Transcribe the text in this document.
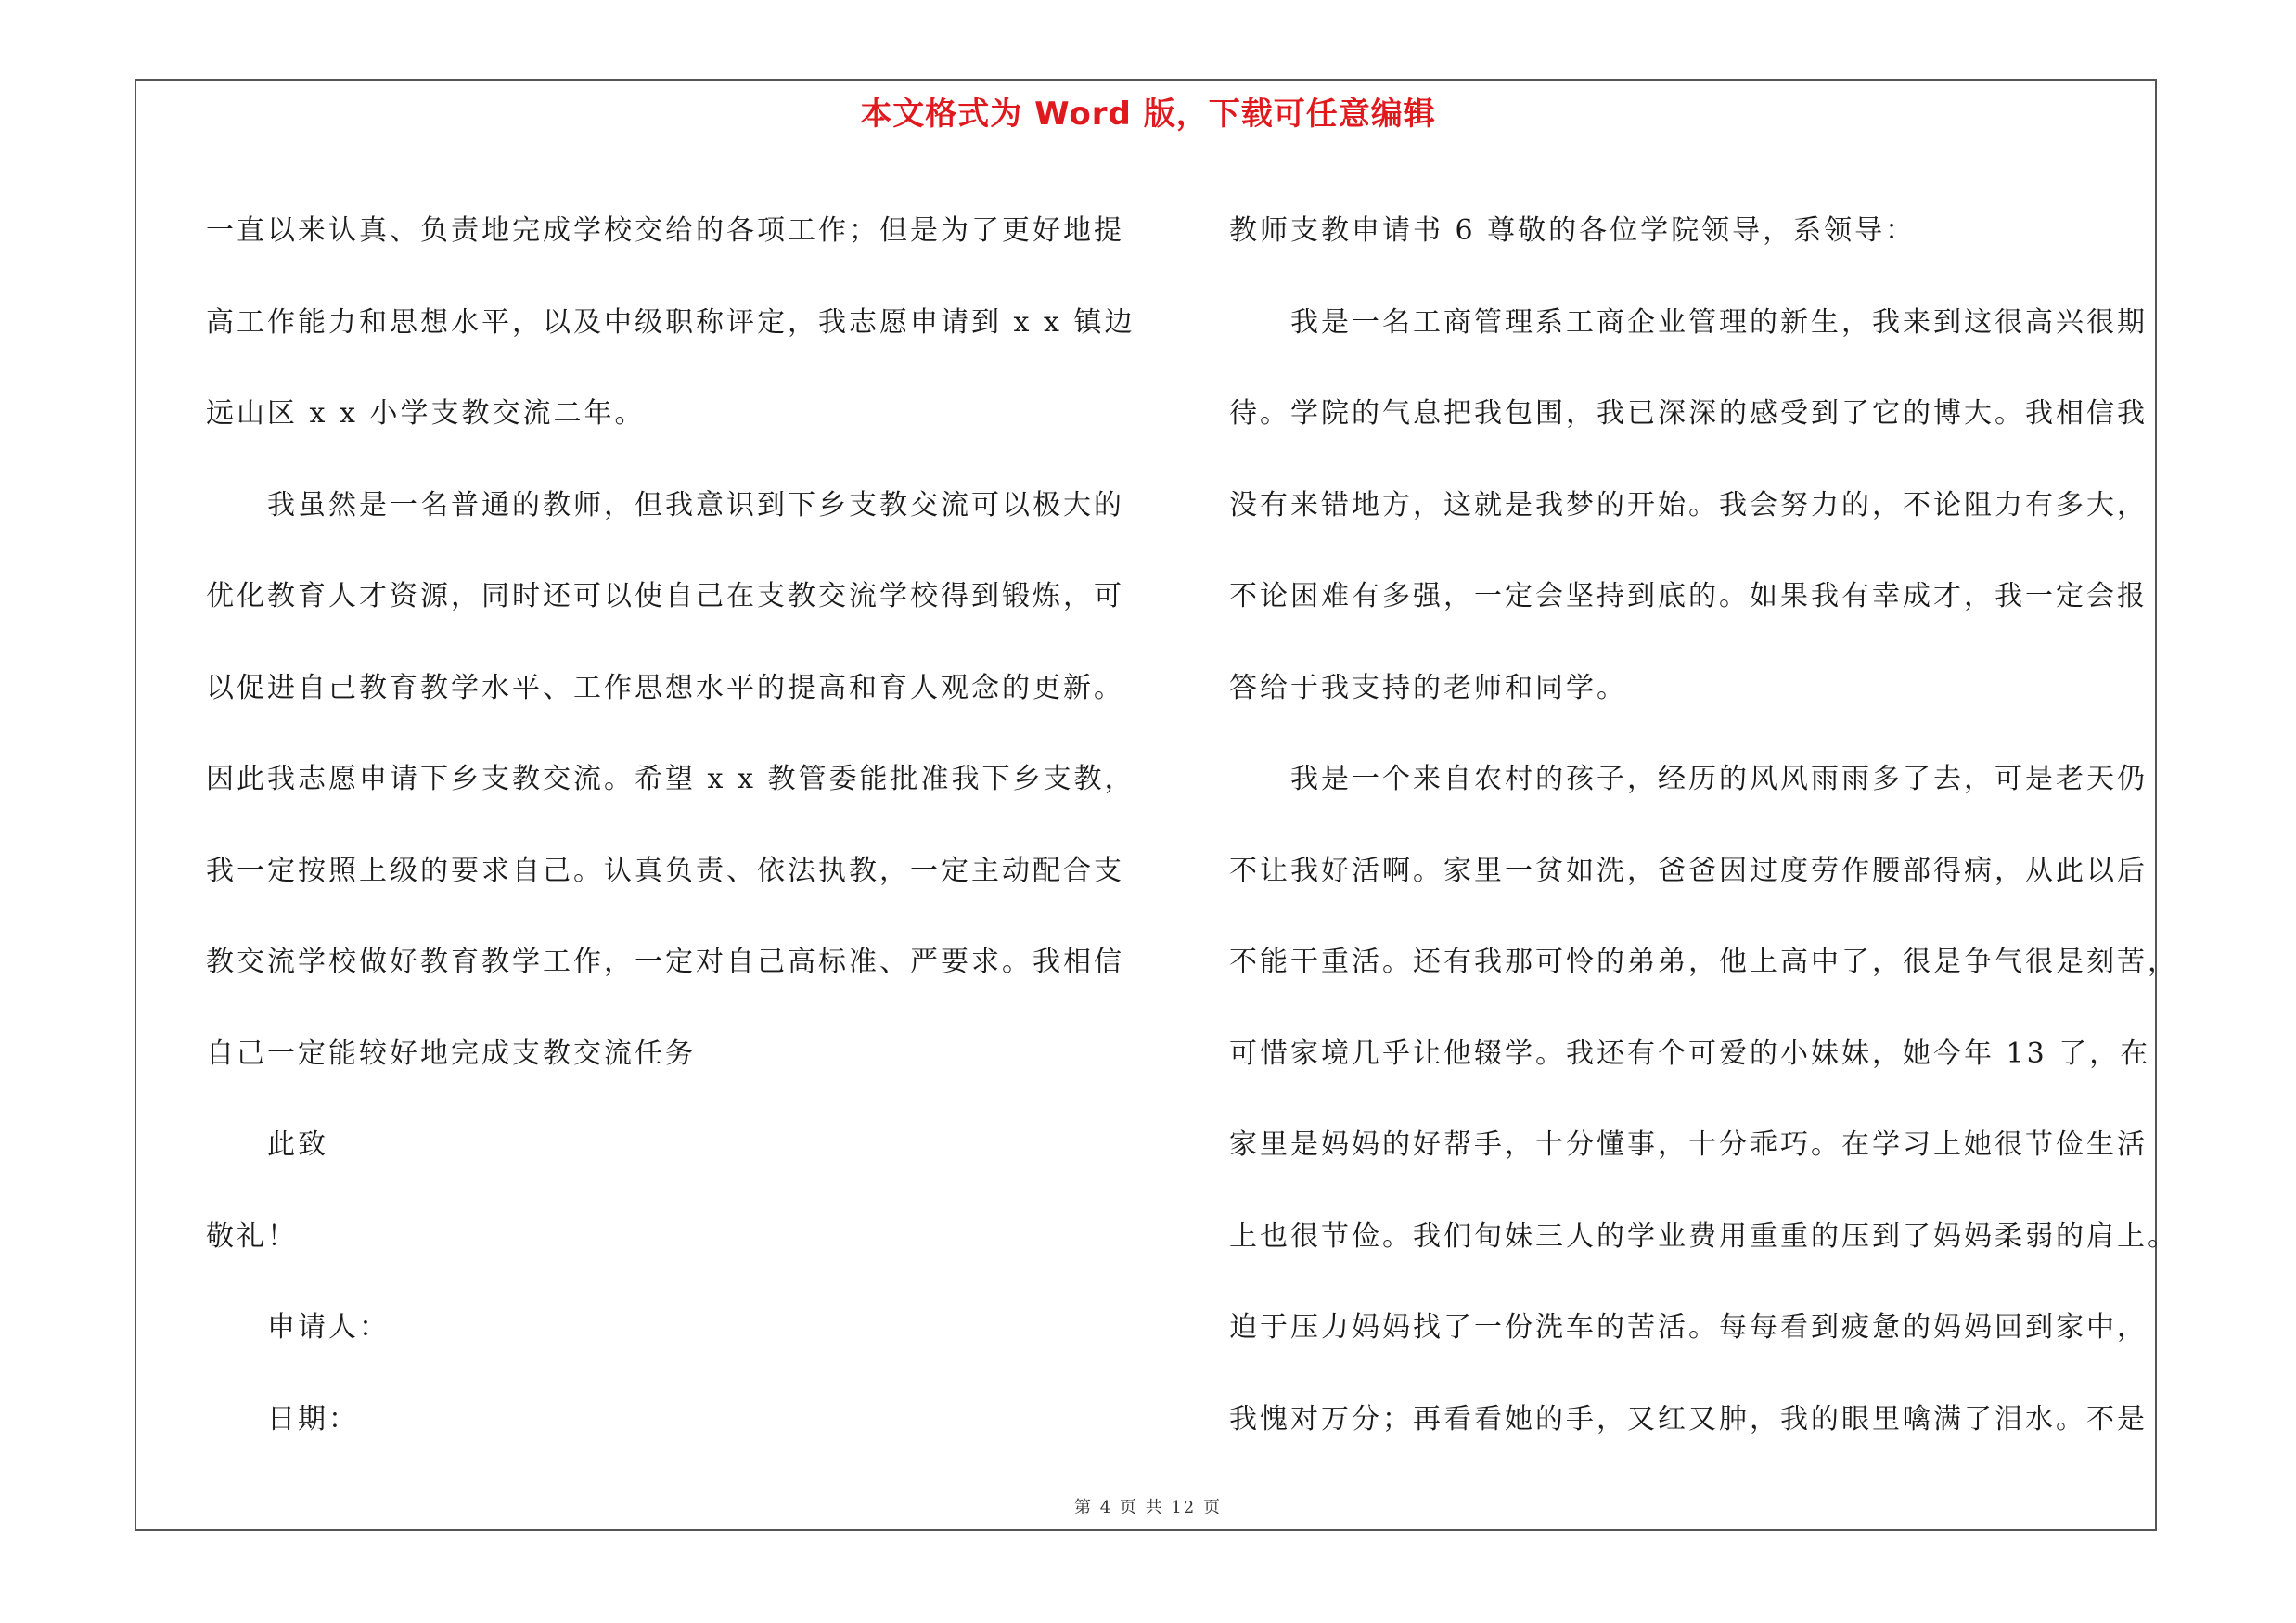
本文格式为 Word 版，下载可任意编辑
一直以来认真、负责地完成学校交给的各项工作；但是为了更好地提
高工作能力和思想水平，以及中级职称评定，我志愿申请到 x x 镇边
远山区 x x 小学支教交流二年。
我虽然是一名普通的教师，但我意识到下乡支教交流可以极大的
优化教育人才资源，同时还可以使自己在支教交流学校得到锻炼，可
以促进自己教育教学水平、工作思想水平的提高和育人观念的更新。
因此我志愿申请下乡支教交流。希望 x x 教管委能批准我下乡支教，
我一定按照上级的要求自己。认真负责、依法执教，一定主动配合支
教交流学校做好教育教学工作，一定对自己高标准、严要求。我相信
自己一定能较好地完成支教交流任务
此致
敬礼！
申请人：
日期：
教师支教申请书 6 尊敬的各位学院领导，系领导：
我是一名工商管理系工商企业管理的新生，我来到这很高兴很期
待。学院的气息把我包围，我已深深的感受到了它的博大。我相信我
没有来错地方，这就是我梦的开始。我会努力的，不论阻力有多大，
不论困难有多强，一定会坚持到底的。如果我有幸成才，我一定会报
答给于我支持的老师和同学。
我是一个来自农村的孩子，经历的风风雨雨多了去，可是老天仍
不让我好活啊。家里一贫如洗，爸爸因过度劳作腰部得病，从此以后
不能干重活。还有我那可怜的弟弟，他上高中了，很是争气很是刻苦，
可惜家境几乎让他辍学。我还有个可爱的小妹妹，她今年 13 了，在
家里是妈妈的好帮手，十分懂事，十分乖巧。在学习上她很节俭生活
上也很节俭。我们旬妹三人的学业费用重重的压到了妈妈柔弱的肩上。
迫于压力妈妈找了一份洗车的苦活。每每看到疲惫的妈妈回到家中，
我愧对万分；再看看她的手，又红又肿，我的眼里噙满了泪水。不是
第 4 页 共 12 页
